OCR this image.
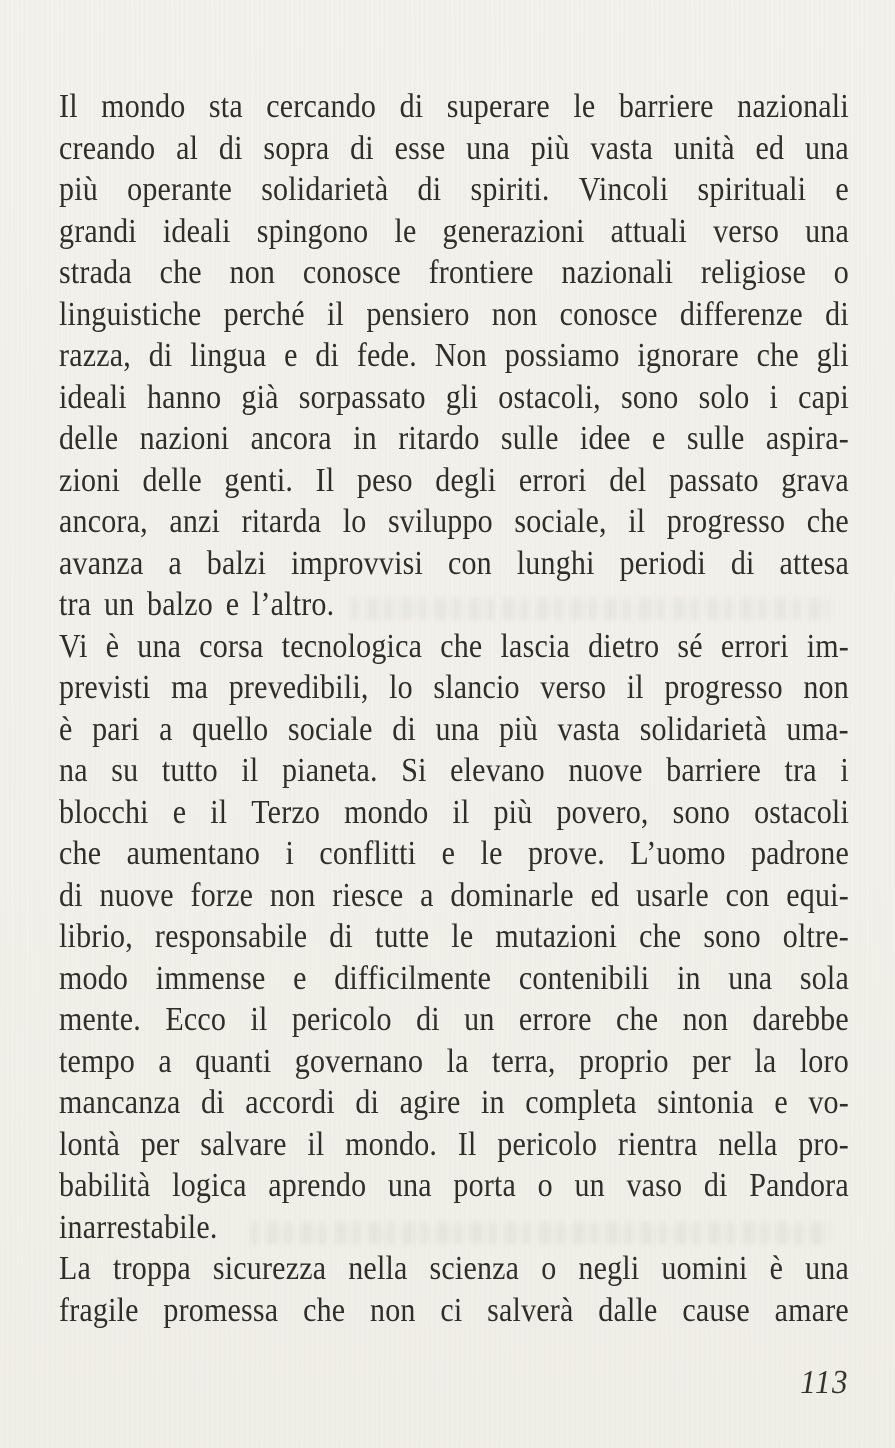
Il mondo sta cercando di superare le barriere nazionali
creando al di sopra di esse una più vasta unità ed una
più operante solidarietà di spiriti. Vincoli spirituali e
grandi ideali spingono le generazioni attuali verso una
strada che non conosce frontiere nazionali religiose o
linguistiche perché il pensiero non conosce differenze di
razza, di lingua e di fede. Non possiamo ignorare che gli
ideali hanno già sorpassato gli ostacoli, sono solo i capi
delle nazioni ancora in ritardo sulle idee e sulle aspira-
zioni delle genti. Il peso degli errori del passato grava
ancora, anzi ritarda lo sviluppo sociale, il progresso che
avanza a balzi improvvisi con lunghi periodi di attesa
tra un balzo e l’altro.
Vi è una corsa tecnologica che lascia dietro sé errori im-
previsti ma prevedibili, lo slancio verso il progresso non
è pari a quello sociale di una più vasta solidarietà uma-
na su tutto il pianeta. Si elevano nuove barriere tra i
blocchi e il Terzo mondo il più povero, sono ostacoli
che aumentano i conflitti e le prove. L’uomo padrone
di nuove forze non riesce a dominarle ed usarle con equi-
librio, responsabile di tutte le mutazioni che sono oltre-
modo immense e difficilmente contenibili in una sola
mente. Ecco il pericolo di un errore che non darebbe
tempo a quanti governano la terra, proprio per la loro
mancanza di accordi di agire in completa sintonia e vo-
lontà per salvare il mondo. Il pericolo rientra nella pro-
babilità logica aprendo una porta o un vaso di Pandora
inarrestabile.
La troppa sicurezza nella scienza o negli uomini è una
fragile promessa che non ci salverà dalle cause amare
113
